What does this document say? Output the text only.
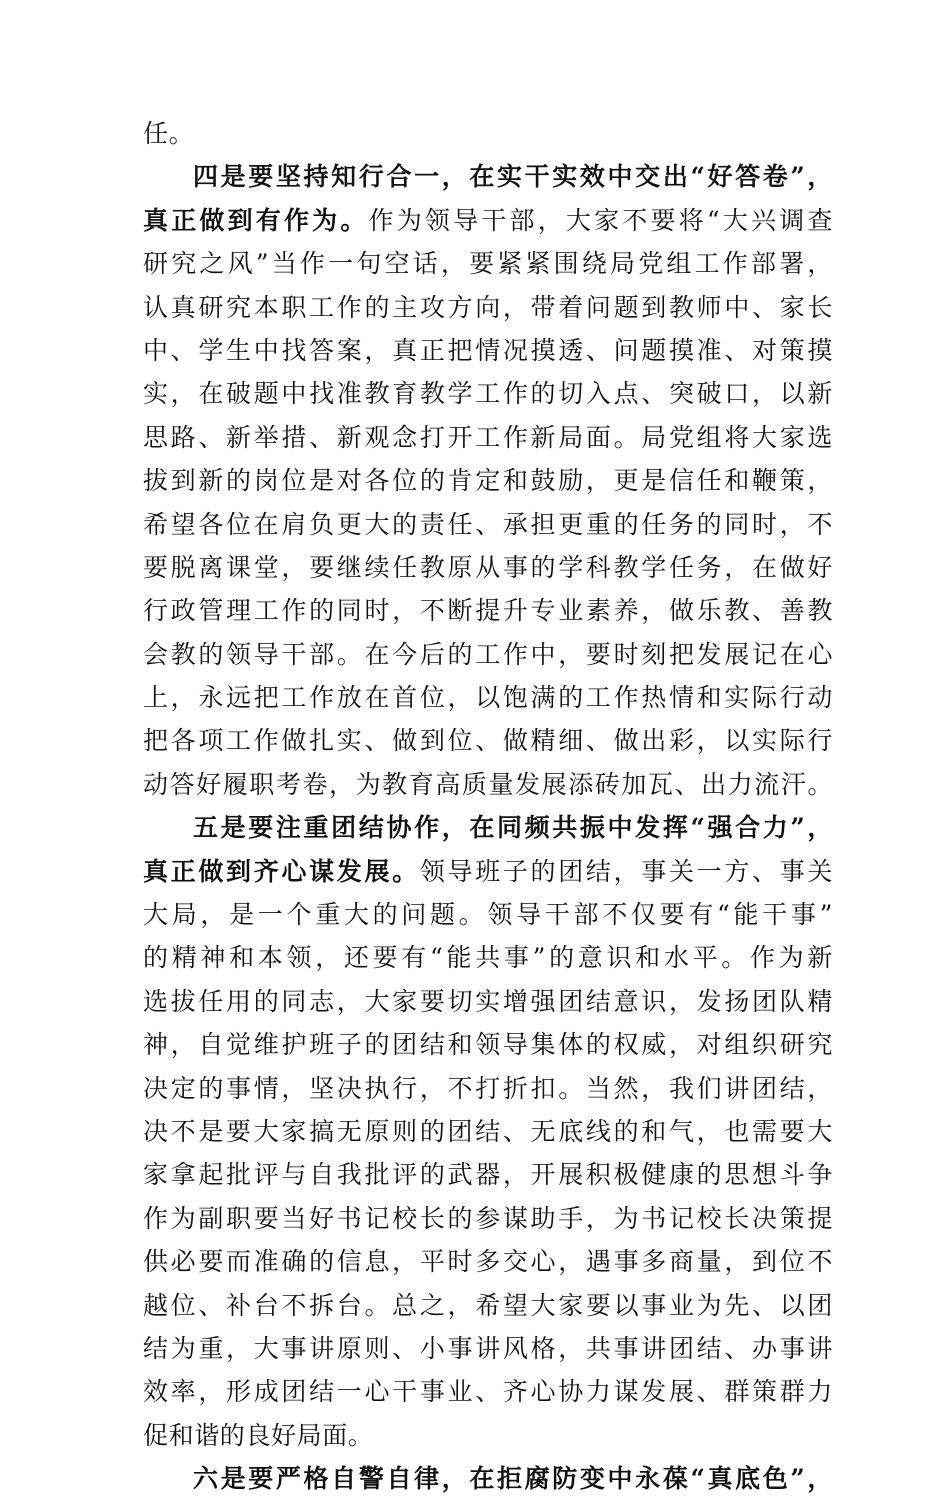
任。
四是要坚持知行合一，在实干实效中交出“好答卷”，
真正做到有作为。作为领导干部，大家不要将“大兴调查
研究之风”当作一句空话，要紧紧围绕局党组工作部署，
认真研究本职工作的主攻方向，带着问题到教师中、家长
中、学生中找答案，真正把情况摸透、问题摸准、对策摸
实，在破题中找准教育教学工作的切入点、突破口，以新
思路、新举措、新观念打开工作新局面。局党组将大家选
拔到新的岗位是对各位的肯定和鼓励，更是信任和鞭策，
希望各位在肩负更大的责任、承担更重的任务的同时，不
要脱离课堂，要继续任教原从事的学科教学任务，在做好
行政管理工作的同时，不断提升专业素养，做乐教、善教
会教的领导干部。在今后的工作中，要时刻把发展记在心
上，永远把工作放在首位，以饱满的工作热情和实际行动
把各项工作做扎实、做到位、做精细、做出彩，以实际行
动答好履职考卷，为教育高质量发展添砖加瓦、出力流汗。
五是要注重团结协作，在同频共振中发挥“强合力”，
真正做到齐心谋发展。领导班子的团结，事关一方、事关
大局，是一个重大的问题。领导干部不仅要有“能干事”
的精神和本领，还要有“能共事”的意识和水平。作为新
选拔任用的同志，大家要切实增强团结意识，发扬团队精
神，自觉维护班子的团结和领导集体的权威，对组织研究
决定的事情，坚决执行，不打折扣。当然，我们讲团结，
决不是要大家搞无原则的团结、无底线的和气，也需要大
家拿起批评与自我批评的武器，开展积极健康的思想斗争
作为副职要当好书记校长的参谋助手，为书记校长决策提
供必要而准确的信息，平时多交心，遇事多商量，到位不
越位、补台不拆台。总之，希望大家要以事业为先、以团
结为重，大事讲原则、小事讲风格，共事讲团结、办事讲
效率，形成团结一心干事业、齐心协力谋发展、群策群力
促和谐的良好局面。
六是要严格自警自律，在拒腐防变中永葆“真底色”，
